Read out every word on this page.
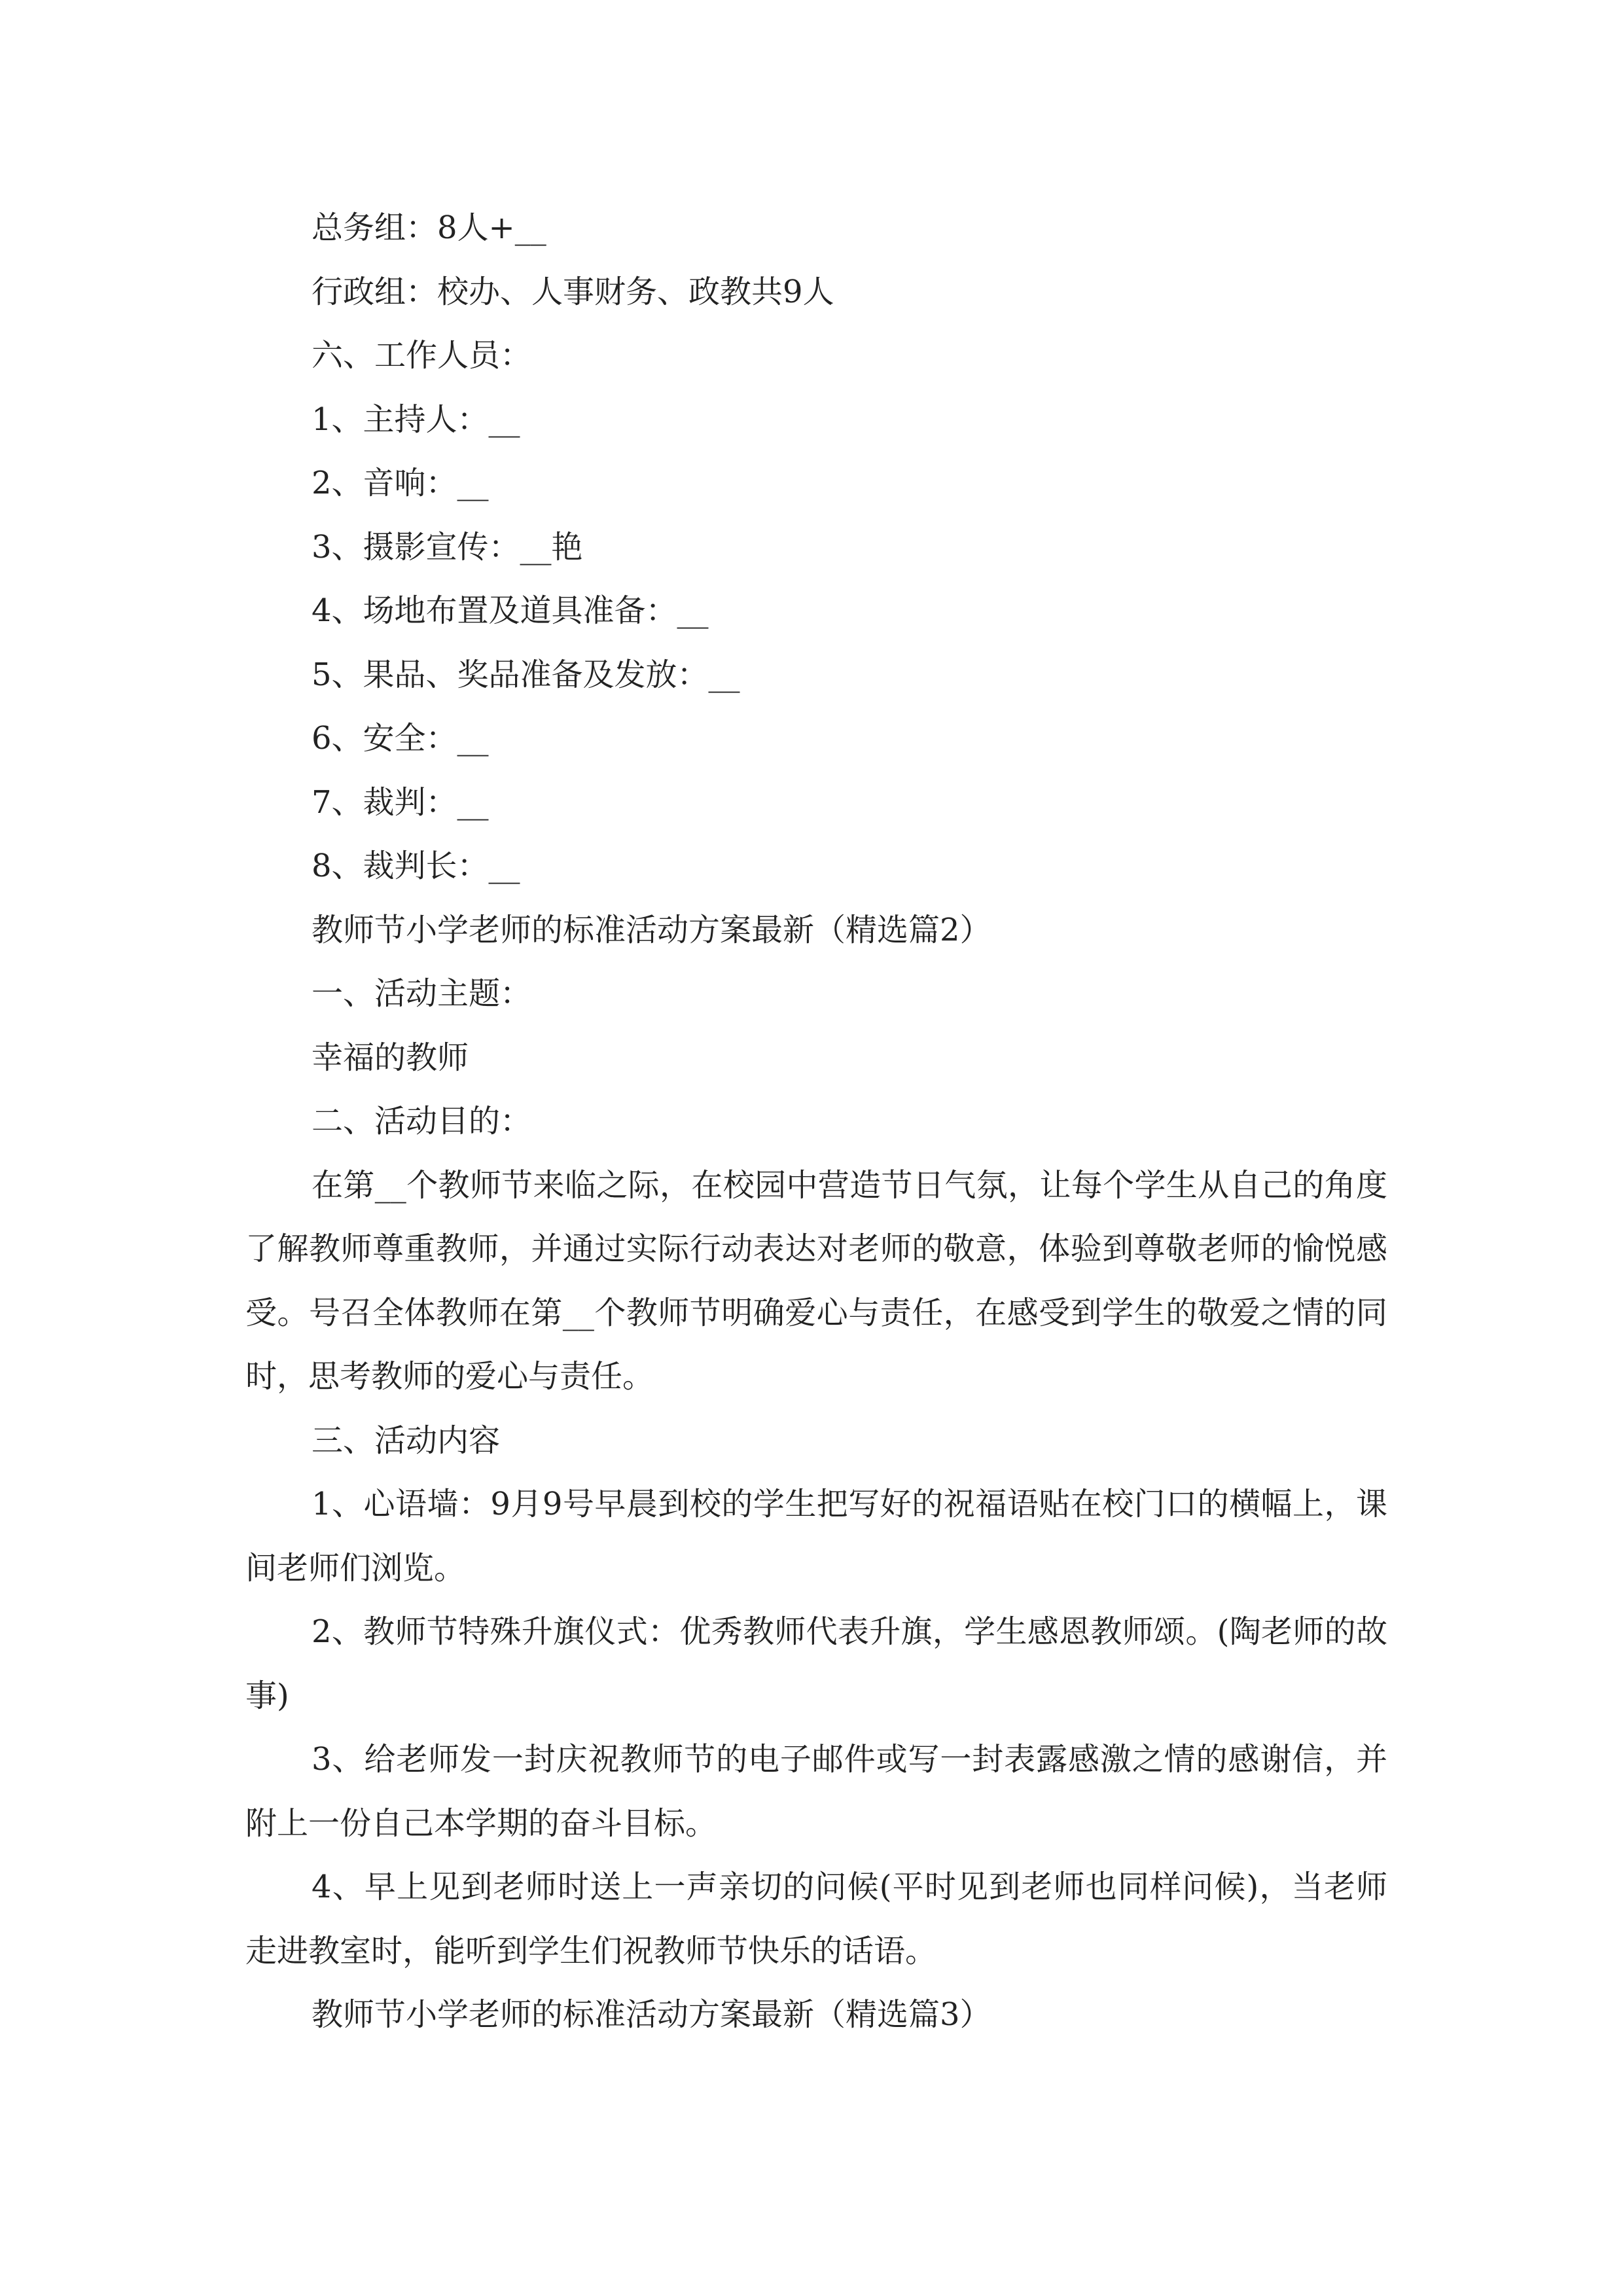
总务组：8人+__
行政组：校办、人事财务、政教共9人
六、工作人员：
1、主持人：__
2、音响：__
3、摄影宣传：__艳
4、场地布置及道具准备：__
5、果品、奖品准备及发放：__
6、安全：__
7、裁判：__
8、裁判长：__
教师节小学老师的标准活动方案最新（精选篇2）
一、活动主题：
幸福的教师
二、活动目的：
在第__个教师节来临之际，在校园中营造节日气氛，让每个学生从自己的角度了解教师尊重教师，并通过实际行动表达对老师的敬意，体验到尊敬老师的愉悦感受。号召全体教师在第__个教师节明确爱心与责任，在感受到学生的敬爱之情的同时，思考教师的爱心与责任。
三、活动内容
1、心语墙：9月9号早晨到校的学生把写好的祝福语贴在校门口的横幅上，课间老师们浏览。
2、教师节特殊升旗仪式：优秀教师代表升旗，学生感恩教师颂。(陶老师的故事)
3、给老师发一封庆祝教师节的电子邮件或写一封表露感激之情的感谢信，并附上一份自己本学期的奋斗目标。
4、早上见到老师时送上一声亲切的问候(平时见到老师也同样问候)，当老师走进教室时，能听到学生们祝教师节快乐的话语。
教师节小学老师的标准活动方案最新（精选篇3）
